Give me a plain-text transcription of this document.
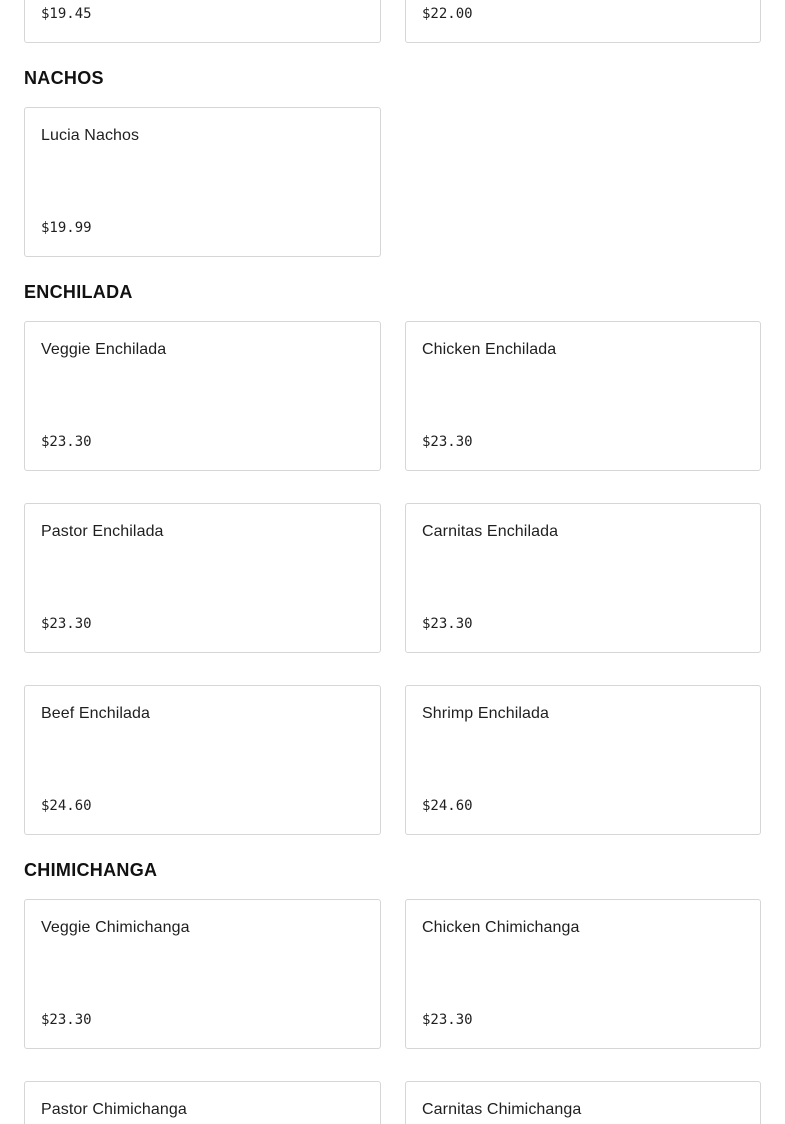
$19.45	$22.00
NACHOS
Lucia Nachos
$19.99
ENCHILADA
Veggie Enchilada
$23.30
Chicken Enchilada
$23.30
Pastor Enchilada
$23.30
Carnitas Enchilada
$23.30
Beef Enchilada
$24.60
Shrimp Enchilada
$24.60
CHIMICHANGA
Veggie Chimichanga
$23.30
Chicken Chimichanga
$23.30
Pastor Chimichanga	Carnitas Chimichanga
